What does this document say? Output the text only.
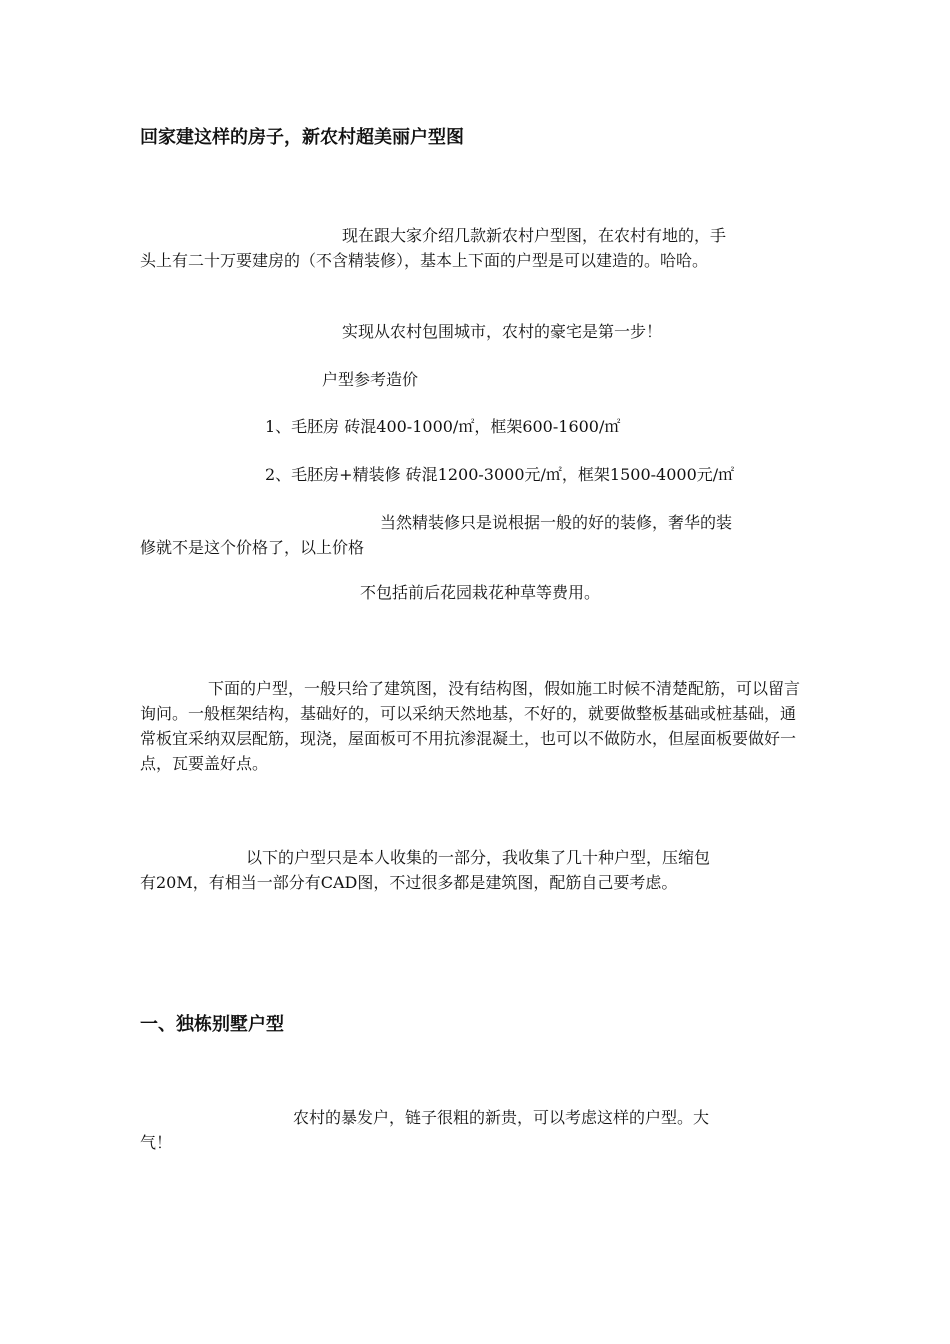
回家建这样的房子，新农村超美丽户型图
现在跟大家介绍几款新农村户型图，在农村有地的，手
头上有二十万要建房的（不含精装修），基本上下面的户型是可以建造的。哈哈。
实现从农村包围城市，农村的豪宅是第一步！
户型参考造价
1、毛胚房 砖混400-1000/㎡，框架600-1600/㎡
2、毛胚房+精装修 砖混1200-3000元/㎡，框架1500-4000元/㎡
当然精装修只是说根据一般的好的装修，奢华的装
修就不是这个价格了，以上价格
不包括前后花园栽花种草等费用。
下面的户型，一般只给了建筑图，没有结构图，假如施工时候不清楚配筋，可以留言询问。一般框架结构，基础好的，可以采纳天然地基，不好的，就要做整板基础或桩基础，通常板宜采纳双层配筋，现浇，屋面板可不用抗渗混凝土，也可以不做防水，但屋面板要做好一点，瓦要盖好点。
以下的户型只是本人收集的一部分，我收集了几十种户型，压缩包
有20M，有相当一部分有CAD图，不过很多都是建筑图，配筋自己要考虑。
一、独栋别墅户型
农村的暴发户，链子很粗的新贵，可以考虑这样的户型。大
气！
